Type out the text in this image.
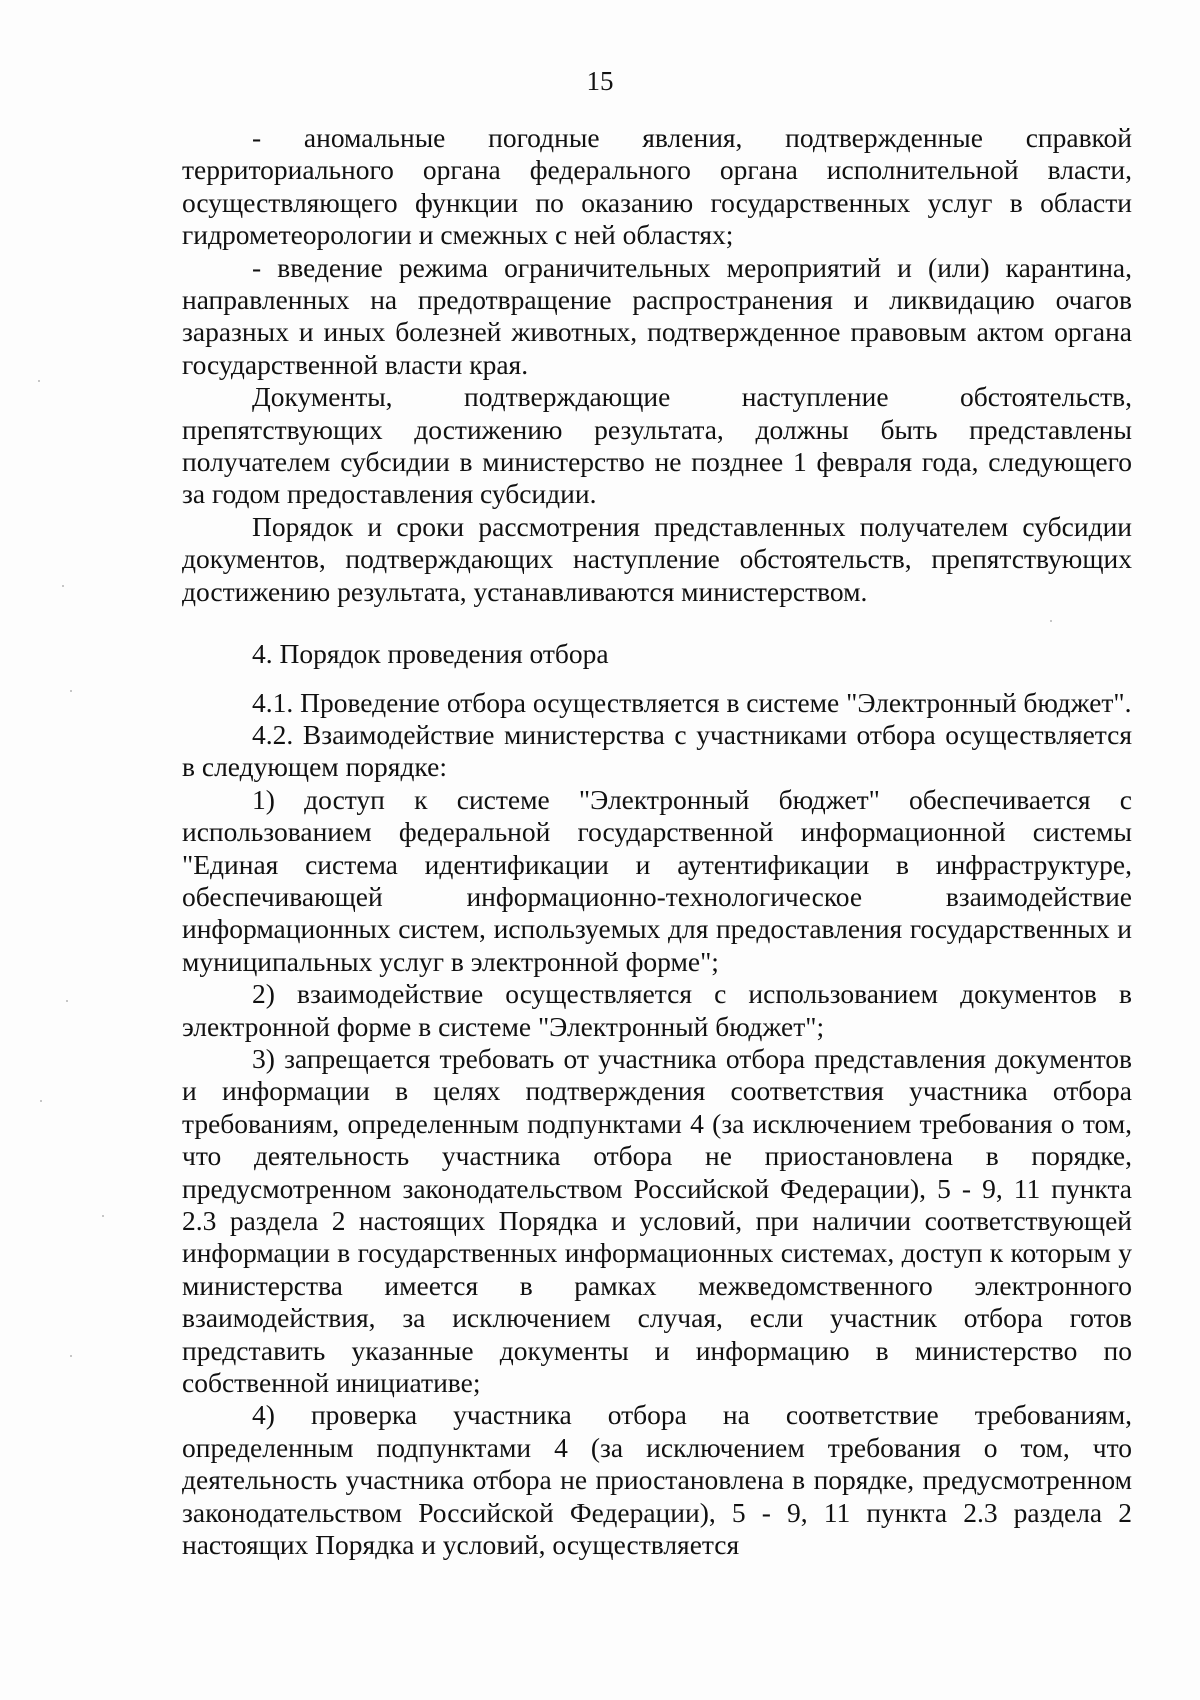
15

- аномальные погодные явления, подтвержденные справкой территориального органа федерального органа исполнительной власти, осуществляющего функции по оказанию государственных услуг в области гидрометеорологии и смежных с ней областях;

- введение режима ограничительных мероприятий и (или) карантина, направленных на предотвращение распространения и ликвидацию очагов заразных и иных болезней животных, подтвержденное правовым актом органа государственной власти края.

Документы, подтверждающие наступление обстоятельств, препятствующих достижению результата, должны быть представлены получателем субсидии в министерство не позднее 1 февраля года, следующего за годом предоставления субсидии.

Порядок и сроки рассмотрения представленных получателем субсидии документов, подтверждающих наступление обстоятельств, препятствующих достижению результата, устанавливаются министерством.

4. Порядок проведения отбора

4.1. Проведение отбора осуществляется в системе "Электронный бюджет".

4.2. Взаимодействие министерства с участниками отбора осуществляется в следующем порядке:

1) доступ к системе "Электронный бюджет" обеспечивается с использованием федеральной государственной информационной системы "Единая система идентификации и аутентификации в инфраструктуре, обеспечивающей информационно-технологическое взаимодействие информационных систем, используемых для предоставления государственных и муниципальных услуг в электронной форме";

2) взаимодействие осуществляется с использованием документов в электронной форме в системе "Электронный бюджет";

3) запрещается требовать от участника отбора представления документов и информации в целях подтверждения соответствия участника отбора требованиям, определенным подпунктами 4 (за исключением требования о том, что деятельность участника отбора не приостановлена в порядке, предусмотренном законодательством Российской Федерации), 5 - 9, 11 пункта 2.3 раздела 2 настоящих Порядка и условий, при наличии соответствующей информации в государственных информационных системах, доступ к которым у министерства имеется в рамках межведомственного электронного взаимодействия, за исключением случая, если участник отбора готов представить указанные документы и информацию в министерство по собственной инициативе;

4) проверка участника отбора на соответствие требованиям, определенным подпунктами 4 (за исключением требования о том, что деятельность участника отбора не приостановлена в порядке, предусмотренном законодательством Российской Федерации), 5 - 9, 11 пункта 2.3 раздела 2 настоящих Порядка и условий, осуществляется
